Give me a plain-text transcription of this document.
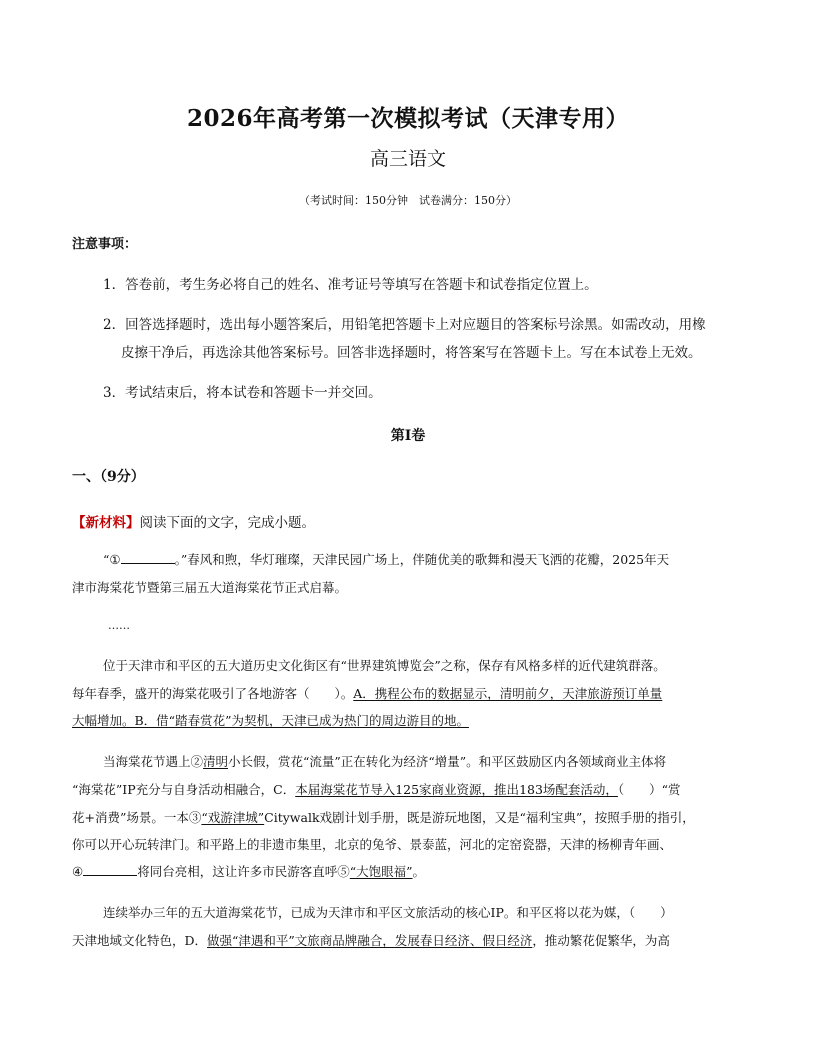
2026年高考第一次模拟考试（天津专用）
高三语文
（考试时间：150分钟　试卷满分：150分）
注意事项：
1．答卷前，考生务必将自己的姓名、准考证号等填写在答题卡和试卷指定位置上。
2．回答选择题时，选出每小题答案后，用铅笔把答题卡上对应题目的答案标号涂黑。如需改动，用橡
皮擦干净后，再选涂其他答案标号。回答非选择题时，将答案写在答题卡上。写在本试卷上无效。
3．考试结束后，将本试卷和答题卡一并交回。
第Ⅰ卷
一、（9分）
【新材料】阅读下面的文字，完成小题。
“①	。”春风和煦，华灯璀璨，天津民园广场上，伴随优美的歌舞和漫天飞洒的花瓣，2025年天
津市海棠花节暨第三届五大道海棠花节正式启幕。
……
位于天津市和平区的五大道历史文化街区有“世界建筑博览会”之称，保存有风格多样的近代建筑群落。
每年春季，盛开的海棠花吸引了各地游客（　　）。A．携程公布的数据显示，清明前夕，天津旅游预订单量
大幅增加。B．借“踏春赏花”为契机，天津已成为热门的周边游目的地。
当海棠花节遇上②清明小长假，赏花“流量”正在转化为经济“增量”。和平区鼓励区内各领域商业主体将
“海棠花”IP充分与自身活动相融合，C．本届海棠花节导入125家商业资源，推出183场配套活动，（　　）“赏
花+消费”场景。一本③“戏游津城”Citywalk戏剧计划手册，既是游玩地图，又是“福利宝典”，按照手册的指引，
你可以开心玩转津门。和平路上的非遗市集里，北京的兔爷、景泰蓝，河北的定窑瓷器，天津的杨柳青年画、
④	将同台亮相，这让许多市民游客直呼⑤“大饱眼福”。
连续举办三年的五大道海棠花节，已成为天津市和平区文旅活动的核心IP。和平区将以花为媒，（　　）
天津地域文化特色，D．做强“津遇和平”文旅商品牌融合，发展春日经济、假日经济，推动繁花促繁华，为高
